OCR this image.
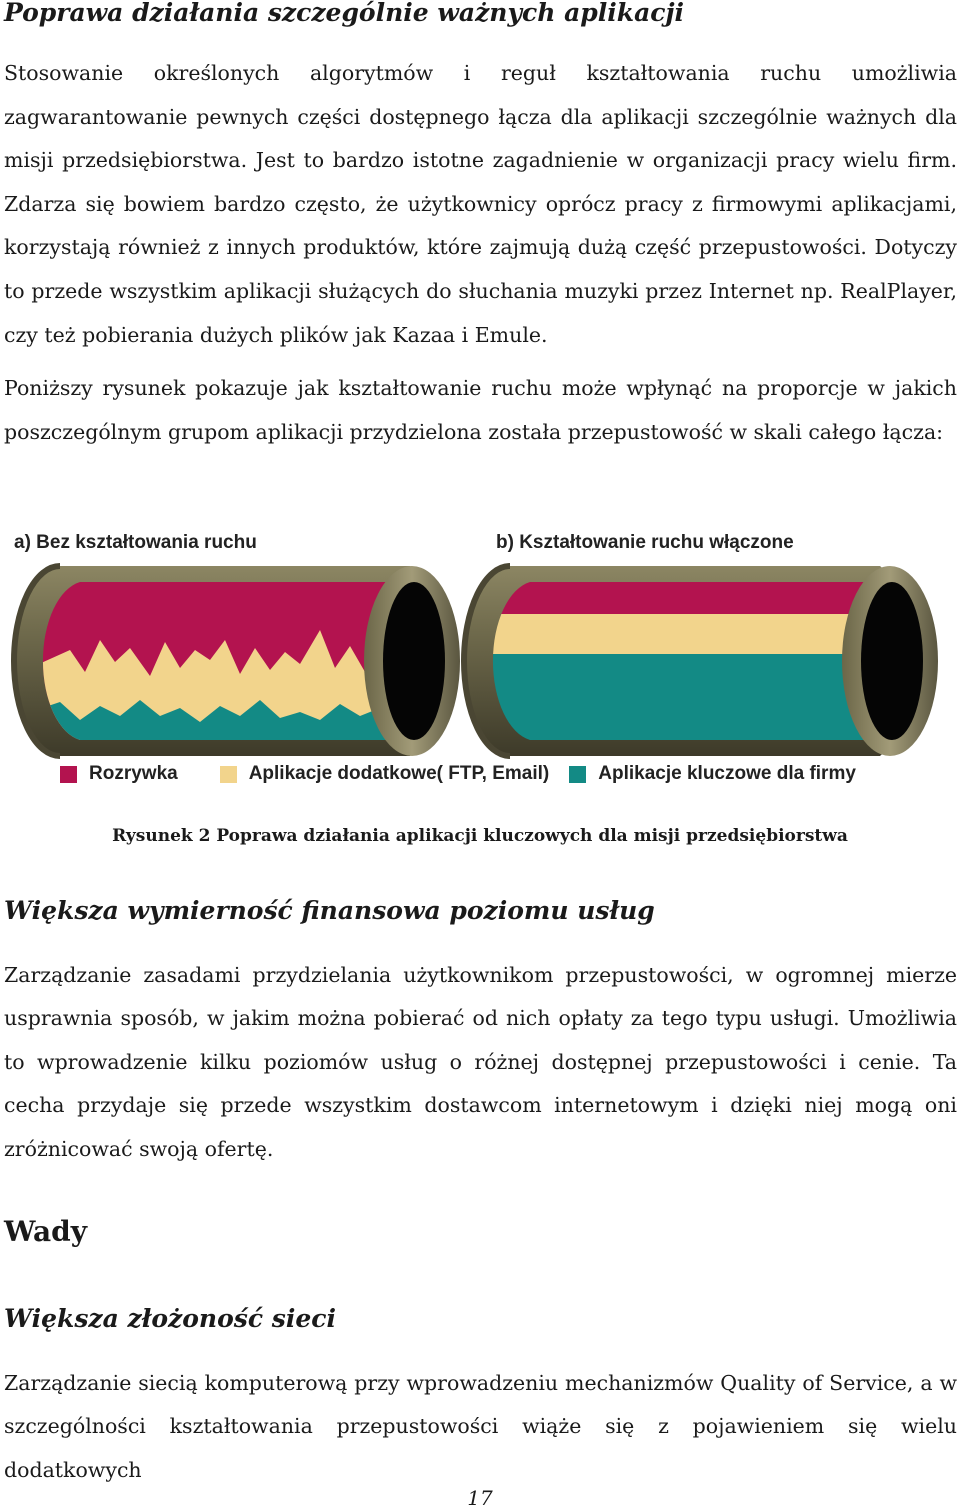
Poprawa działania szczególnie ważnych aplikacji

Stosowanie określonych algorytmów i reguł kształtowania ruchu umożliwia zagwarantowanie pewnych części dostępnego łącza dla aplikacji szczególnie ważnych dla misji przedsiębiorstwa. Jest to bardzo istotne zagadnienie w organizacji pracy wielu firm. Zdarza się bowiem bardzo często, że użytkownicy oprócz pracy z firmowymi aplikacjami, korzystają również z innych produktów, które zajmują dużą część przepustowości. Dotyczy to przede wszystkim aplikacji służących do słuchania muzyki przez Internet np. RealPlayer, czy też pobierania dużych plików jak Kazaa i Emule.

Poniższy rysunek pokazuje jak kształtowanie ruchu może wpłynąć na proporcje w jakich poszczególnym grupom aplikacji przydzielona została przepustowość w skali całego łącza:

a) Bez kształtowania ruchu	b) Kształtowanie ruchu włączone

Rozrywka	Aplikacje dodatkowe( FTP, Email)	Aplikacje kluczowe dla firmy

Rysunek 2 Poprawa działania aplikacji kluczowych dla misji przedsiębiorstwa

Większa wymierność finansowa poziomu usług

Zarządzanie zasadami przydzielania użytkownikom przepustowości, w ogromnej mierze usprawnia sposób, w jakim można pobierać od nich opłaty za tego typu usługi. Umożliwia to wprowadzenie kilku poziomów usług o różnej dostępnej przepustowości i cenie. Ta cecha przydaje się przede wszystkim dostawcom internetowym i dzięki niej mogą oni zróżnicować swoją ofertę.

Wady
Większa złożoność sieci

Zarządzanie siecią komputerową przy wprowadzeniu mechanizmów Quality of Service, a w szczególności kształtowania przepustowości wiąże się z pojawieniem się wielu dodatkowych

17
